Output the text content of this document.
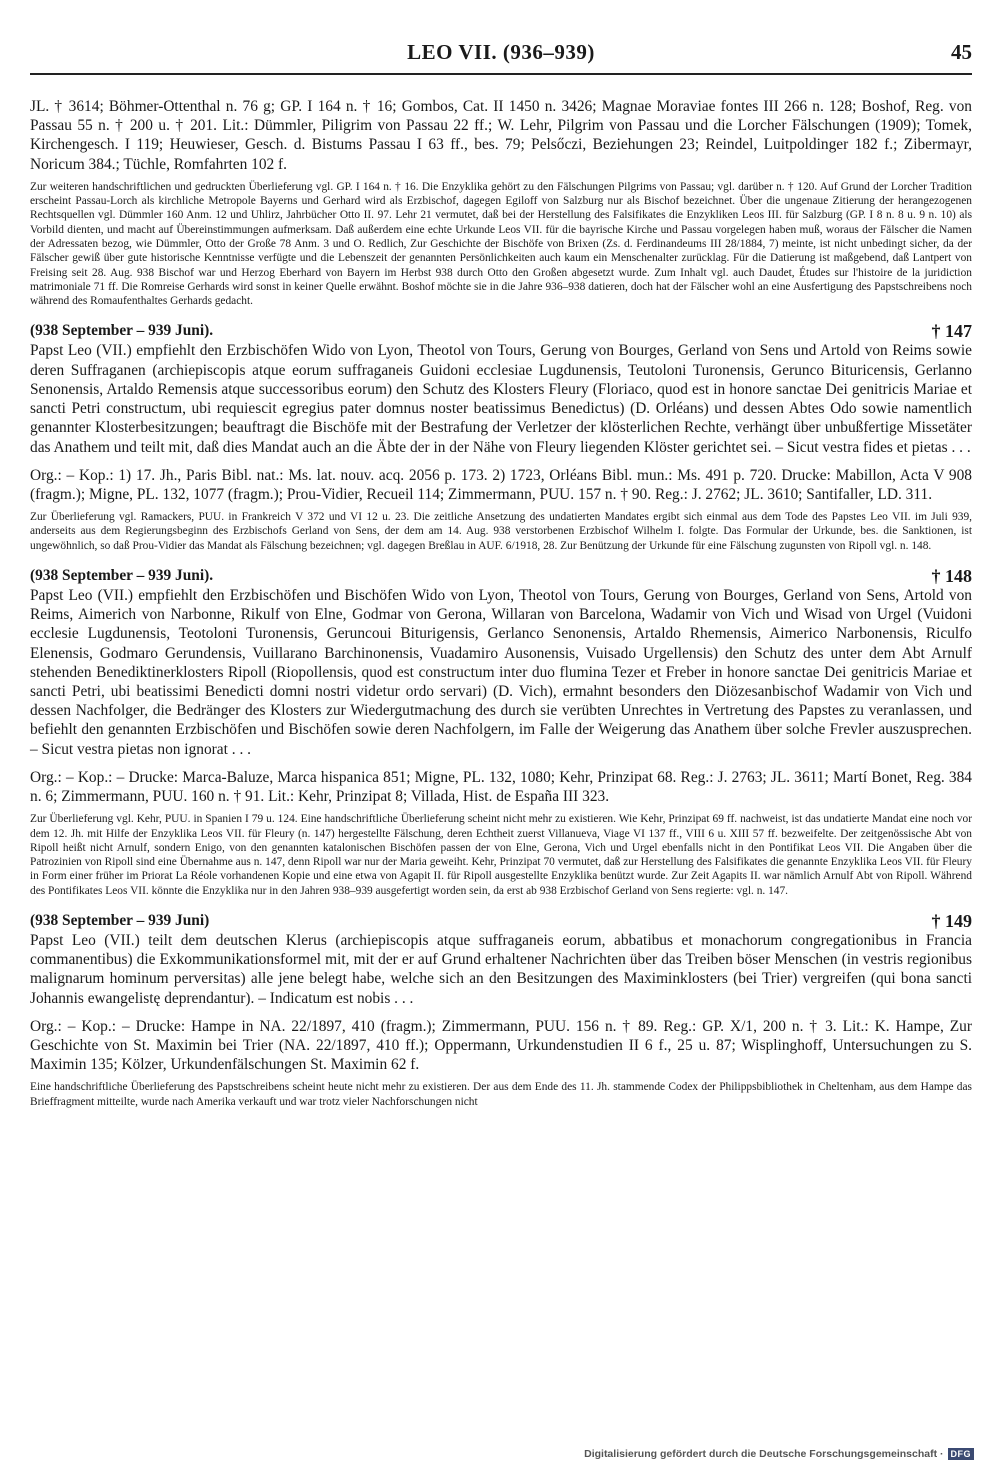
LEO VII. (936–939)	45

JL. † 3614; Böhmer-Ottenthal n. 76 g; GP. I 164 n. † 16; Gombos, Cat. II 1450 n. 3426; Magnae Moraviae fontes III 266 n. 128; Boshof, Reg. von Passau 55 n. † 200 u. † 201. Lit.: Dümmler, Piligrim von Passau 22 ff.; W. Lehr, Pilgrim von Passau und die Lorcher Fälschungen (1909); Tomek, Kirchengesch. I 119; Heuwieser, Gesch. d. Bistums Passau I 63 ff., bes. 79; Pelsőczi, Beziehungen 23; Reindel, Luitpoldinger 182 f.; Zibermayr, Noricum 384.; Tüchle, Romfahrten 102 f.

Zur weiteren handschriftlichen und gedruckten Überlieferung vgl. GP. I 164 n. † 16. Die Enzyklika gehört zu den Fälschungen Pilgrims von Passau; vgl. darüber n. † 120. Auf Grund der Lorcher Tradition erscheint Passau-Lorch als kirchliche Metropole Bayerns und Gerhard wird als Erzbischof, dagegen Egiloff von Salzburg nur als Bischof bezeichnet. Über die ungenaue Zitierung der herangezogenen Rechtsquellen vgl. Dümmler 160 Anm. 12 und Uhlirz, Jahrbücher Otto II. 97. Lehr 21 vermutet, daß bei der Herstellung des Falsifikates die Enzykliken Leos III. für Salzburg (GP. I 8 n. 8 u. 9 n. 10) als Vorbild dienten, und macht auf Übereinstimmungen aufmerksam. Daß außerdem eine echte Urkunde Leos VII. für die bayrische Kirche und Passau vorgelegen haben muß, woraus der Fälscher die Namen der Adressaten bezog, wie Dümmler, Otto der Große 78 Anm. 3 und O. Redlich, Zur Geschichte der Bischöfe von Brixen (Zs. d. Ferdinandeums III 28/1884, 7) meinte, ist nicht unbedingt sicher, da der Fälscher gewiß über gute historische Kenntnisse verfügte und die Lebenszeit der genannten Persönlichkeiten auch kaum ein Menschenalter zurücklag. Für die Datierung ist maßgebend, daß Lantpert von Freising seit 28. Aug. 938 Bischof war und Herzog Eberhard von Bayern im Herbst 938 durch Otto den Großen abgesetzt wurde. Zum Inhalt vgl. auch Daudet, Études sur l'histoire de la juridiction matrimoniale 71 ff. Die Romreise Gerhards wird sonst in keiner Quelle erwähnt. Boshof möchte sie in die Jahre 936–938 datieren, doch hat der Fälscher wohl an eine Ausfertigung des Papstschreibens noch während des Romaufenthaltes Gerhards gedacht.

(938 September – 939 Juni).	† 147

Papst Leo (VII.) empfiehlt den Erzbischöfen Wido von Lyon, Theotol von Tours, Gerung von Bourges, Gerland von Sens und Artold von Reims sowie deren Suffraganen (archiepiscopis atque eorum suffraganeis Guidoni ecclesiae Lugdunensis, Teutoloni Turonensis, Gerunco Bituricensis, Gerlanno Senonensis, Artaldo Remensis atque successoribus eorum) den Schutz des Klosters Fleury (Floriaco, quod est in honore sanctae Dei genitricis Mariae et sancti Petri constructum, ubi requiescit egregius pater domnus noster beatissimus Benedictus) (D. Orléans) und dessen Abtes Odo sowie namentlich genannter Klosterbesitzungen; beauftragt die Bischöfe mit der Bestrafung der Verletzer der klösterlichen Rechte, verhängt über unbußfertige Missetäter das Anathem und teilt mit, daß dies Mandat auch an die Äbte der in der Nähe von Fleury liegenden Klöster gerichtet sei. – Sicut vestra fides et pietas . . .

Org.: – Kop.: 1) 17. Jh., Paris Bibl. nat.: Ms. lat. nouv. acq. 2056 p. 173. 2) 1723, Orléans Bibl. mun.: Ms. 491 p. 720. Drucke: Mabillon, Acta V 908 (fragm.); Migne, PL. 132, 1077 (fragm.); Prou-Vidier, Recueil 114; Zimmermann, PUU. 157 n. † 90. Reg.: J. 2762; JL. 3610; Santifaller, LD. 311.

Zur Überlieferung vgl. Ramackers, PUU. in Frankreich V 372 und VI 12 u. 23. Die zeitliche Ansetzung des undatierten Mandates ergibt sich einmal aus dem Tode des Papstes Leo VII. im Juli 939, anderseits aus dem Regierungsbeginn des Erzbischofs Gerland von Sens, der dem am 14. Aug. 938 verstorbenen Erzbischof Wilhelm I. folgte. Das Formular der Urkunde, bes. die Sanktionen, ist ungewöhnlich, so daß Prou-Vidier das Mandat als Fälschung bezeichnen; vgl. dagegen Breßlau in AUF. 6/1918, 28. Zur Benützung der Urkunde für eine Fälschung zugunsten von Ripoll vgl. n. 148.

(938 September – 939 Juni).	† 148

Papst Leo (VII.) empfiehlt den Erzbischöfen und Bischöfen Wido von Lyon, Theotol von Tours, Gerung von Bourges, Gerland von Sens, Artold von Reims, Aimerich von Narbonne, Rikulf von Elne, Godmar von Gerona, Willaran von Barcelona, Wadamir von Vich und Wisad von Urgel (Vuidoni ecclesie Lugdunensis, Teotoloni Turonensis, Geruncoui Biturigensis, Gerlanco Senonensis, Artaldo Rhemensis, Aimerico Narbonensis, Riculfo Elenensis, Godmaro Gerundensis, Vuillarano Barchinonensis, Vuadamiro Ausonensis, Vuisado Urgellensis) den Schutz des unter dem Abt Arnulf stehenden Benediktinerklosters Ripoll (Riopollensis, quod est constructum inter duo flumina Tezer et Freber in honore sanctae Dei genitricis Mariae et sancti Petri, ubi beatissimi Benedicti domni nostri videtur ordo servari) (D. Vich), ermahnt besonders den Diözesanbischof Wadamir von Vich und dessen Nachfolger, die Bedränger des Klosters zur Wiedergutmachung des durch sie verübten Unrechtes in Vertretung des Papstes zu veranlassen, und befiehlt den genannten Erzbischöfen und Bischöfen sowie deren Nachfolgern, im Falle der Weigerung das Anathem über solche Frevler auszusprechen. – Sicut vestra pietas non ignorat . . .

Org.: – Kop.: – Drucke: Marca-Baluze, Marca hispanica 851; Migne, PL. 132, 1080; Kehr, Prinzipat 68. Reg.: J. 2763; JL. 3611; Martí Bonet, Reg. 384 n. 6; Zimmermann, PUU. 160 n. † 91. Lit.: Kehr, Prinzipat 8; Villada, Hist. de España III 323.

Zur Überlieferung vgl. Kehr, PUU. in Spanien I 79 u. 124. Eine handschriftliche Überlieferung scheint nicht mehr zu existieren. Wie Kehr, Prinzipat 69 ff. nachweist, ist das undatierte Mandat eine noch vor dem 12. Jh. mit Hilfe der Enzyklika Leos VII. für Fleury (n. 147) hergestellte Fälschung, deren Echtheit zuerst Villanueva, Viage VI 137 ff., VIII 6 u. XIII 57 ff. bezweifelte. Der zeitgenössische Abt von Ripoll heißt nicht Arnulf, sondern Enigo, von den genannten katalonischen Bischöfen passen der von Elne, Gerona, Vich und Urgel ebenfalls nicht in den Pontifikat Leos VII. Die Angaben über die Patrozinien von Ripoll sind eine Übernahme aus n. 147, denn Ripoll war nur der Maria geweiht. Kehr, Prinzipat 70 vermutet, daß zur Herstellung des Falsifikates die genannte Enzyklika Leos VII. für Fleury in Form einer früher im Priorat La Réole vorhandenen Kopie und eine etwa von Agapit II. für Ripoll ausgestellte Enzyklika benützt wurde. Zur Zeit Agapits II. war nämlich Arnulf Abt von Ripoll. Während des Pontifikates Leos VII. könnte die Enzyklika nur in den Jahren 938–939 ausgefertigt worden sein, da erst ab 938 Erzbischof Gerland von Sens regierte: vgl. n. 147.

(938 September – 939 Juni)	† 149

Papst Leo (VII.) teilt dem deutschen Klerus (archiepiscopis atque suffraganeis eorum, abbatibus et monachorum congregationibus in Francia commanentibus) die Exkommunikationsformel mit, mit der er auf Grund erhaltener Nachrichten über das Treiben böser Menschen (in vestris regionibus malignarum hominum perversitas) alle jene belegt habe, welche sich an den Besitzungen des Maximinklosters (bei Trier) vergreifen (qui bona sancti Johannis ewangelistę deprendantur). – Indicatum est nobis . . .

Org.: – Kop.: – Drucke: Hampe in NA. 22/1897, 410 (fragm.); Zimmermann, PUU. 156 n. † 89. Reg.: GP. X/1, 200 n. † 3. Lit.: K. Hampe, Zur Geschichte von St. Maximin bei Trier (NA. 22/1897, 410 ff.); Oppermann, Urkundenstudien II 6 f., 25 u. 87; Wisplinghoff, Untersuchungen zu S. Maximin 135; Kölzer, Urkundenfälschungen St. Maximin 62 f.

Eine handschriftliche Überlieferung des Papstschreibens scheint heute nicht mehr zu existieren. Der aus dem Ende des 11. Jh. stammende Codex der Philippsbibliothek in Cheltenham, aus dem Hampe das Brieffragment mitteilte, wurde nach Amerika verkauft und war trotz vieler Nachforschungen nicht

Digitalisierung gefördert durch die Deutsche Forschungsgemeinschaft · DFG
